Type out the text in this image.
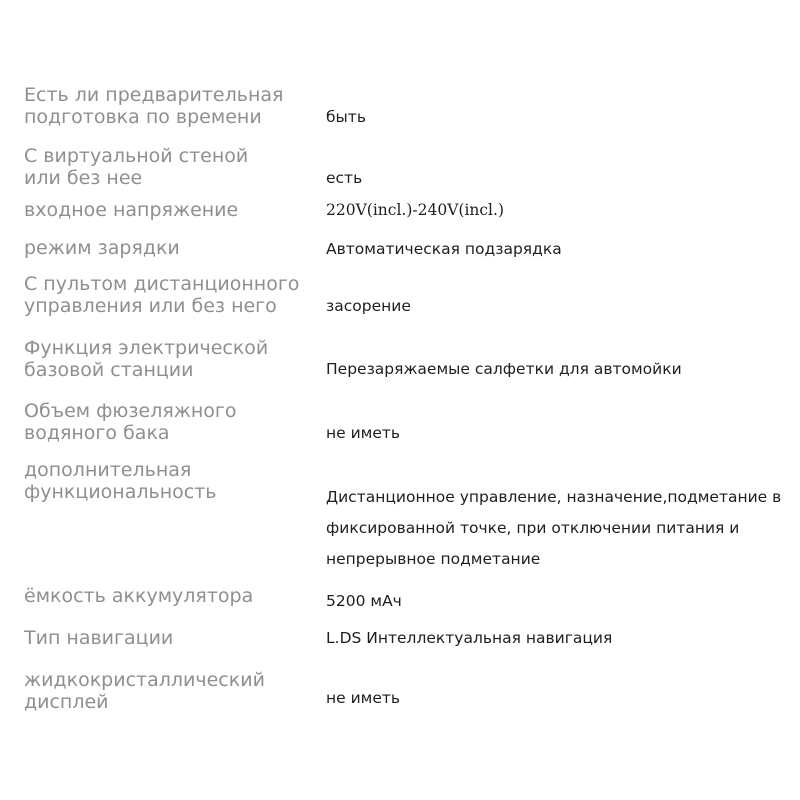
Есть ли предварительная
подготовка по времени	быть
С виртуальной стеной
или без нее	есть
входное напряжение	220V(incl.)-240V(incl.)
режим зарядки	Автоматическая подзарядка
С пультом дистанционного
управления или без него	засорение
Функция электрической
базовой станции	Перезаряжаемые салфетки для автомойки
Объем фюзеляжного
водяного бака	не иметь
дополнительная
функциональность	Дистанционное управление, назначение,подметание в
фиксированной точке, при отключении питания и
непрерывное подметание
ёмкость аккумулятора	5200 мАч
Тип навигации	L.DS Интеллектуальная навигация
жидкокристаллический
дисплей	не иметь
